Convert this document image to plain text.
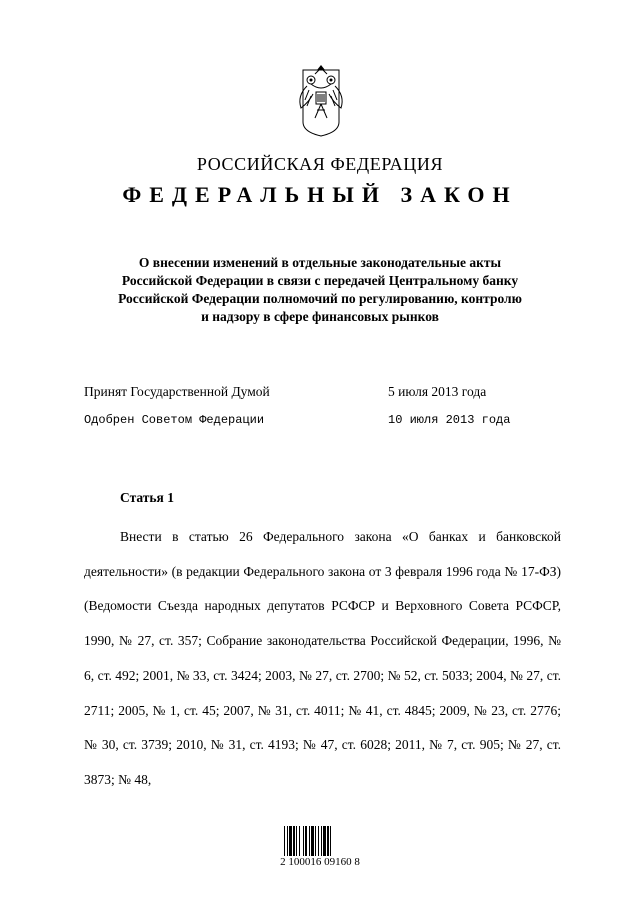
РОССИЙСКАЯ ФЕДЕРАЦИЯ
ФЕДЕРАЛЬНЫЙ ЗАКОН
О внесении изменений в отдельные законодательные акты
Российской Федерации в связи с передачей Центральному банку
Российской Федерации полномочий по регулированию, контролю
и надзору в сфере финансовых рынков
Принят Государственной Думой	5 июля 2013 года
Одобрен Советом Федерации	10 июля 2013 года
Статья 1
Внести в статью 26 Федерального закона «О банках и банковской деятельности» (в редакции Федерального закона от 3 февраля 1996 года № 17-ФЗ) (Ведомости Съезда народных депутатов РСФСР и Верховного Совета РСФСР, 1990, № 27, ст. 357; Собрание законодательства Российской Федерации, 1996, № 6, ст. 492; 2001, № 33, ст. 3424; 2003, № 27, ст. 2700; № 52, ст. 5033; 2004, № 27, ст. 2711; 2005, № 1, ст. 45; 2007, № 31, ст. 4011; № 41, ст. 4845; 2009, № 23, ст. 2776; № 30, ст. 3739; 2010, № 31, ст. 4193; № 47, ст. 6028; 2011, № 7, ст. 905; № 27, ст. 3873; № 48,
2 100016 09160 8
